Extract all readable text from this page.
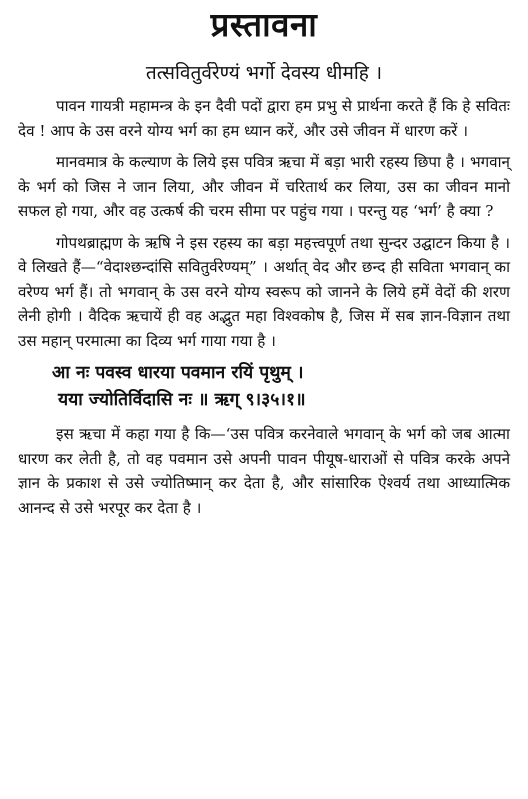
प्रस्तावना

तत्सवितुर्वरेण्यं भर्गो देवस्य धीमहि ।

पावन गायत्री महामन्त्र के इन दैवी पदों द्वारा हम प्रभु से प्रार्थना करते हैं कि हे सवितः देव ! आप के उस वरने योग्य भर्ग का हम ध्यान करें, और उसे जीवन में धारण करें ।

मानवमात्र के कल्याण के लिये इस पवित्र ऋचा में बड़ा भारी रहस्य छिपा है । भगवान् के भर्ग को जिस ने जान लिया, और जीवन में चरितार्थ कर लिया, उस का जीवन मानो सफल हो गया, और वह उत्कर्ष की चरम सीमा पर पहुंच गया । परन्तु यह ‘भर्ग’ है क्या ?

गोपथब्राह्मण के ऋषि ने इस रहस्य का बड़ा महत्त्वपूर्ण तथा सुन्दर उद्घाटन किया है । वे लिखते हैं—“वेदाश्छन्दांसि सवितुर्वरेण्यम्” । अर्थात् वेद और छन्द ही सविता भगवान् का वरेण्य भर्ग हैं। तो भगवान् के उस वरने योग्य स्वरूप को जानने के लिये हमें वेदों की शरण लेनी होगी । वैदिक ऋचायें ही वह अद्भुत महा विश्वकोष है, जिस में सब ज्ञान-विज्ञान तथा उस महान् परमात्मा का दिव्य भर्ग गाया गया है ।

आ नः पवस्व धारया पवमान रयिं पृथुम् ।

यया ज्योतिर्विदासि नः ॥ ऋग् ९।३५।१॥

इस ऋचा में कहा गया है कि—‘उस पवित्र करनेवाले भगवान् के भर्ग को जब आत्मा धारण कर लेती है, तो वह पवमान उसे अपनी पावन पीयूष-धाराओं से पवित्र करके अपने ज्ञान के प्रकाश से उसे ज्योतिष्मान् कर देता है, और सांसारिक ऐश्वर्य तथा आध्यात्मिक आनन्द से उसे भरपूर कर देता है ।
